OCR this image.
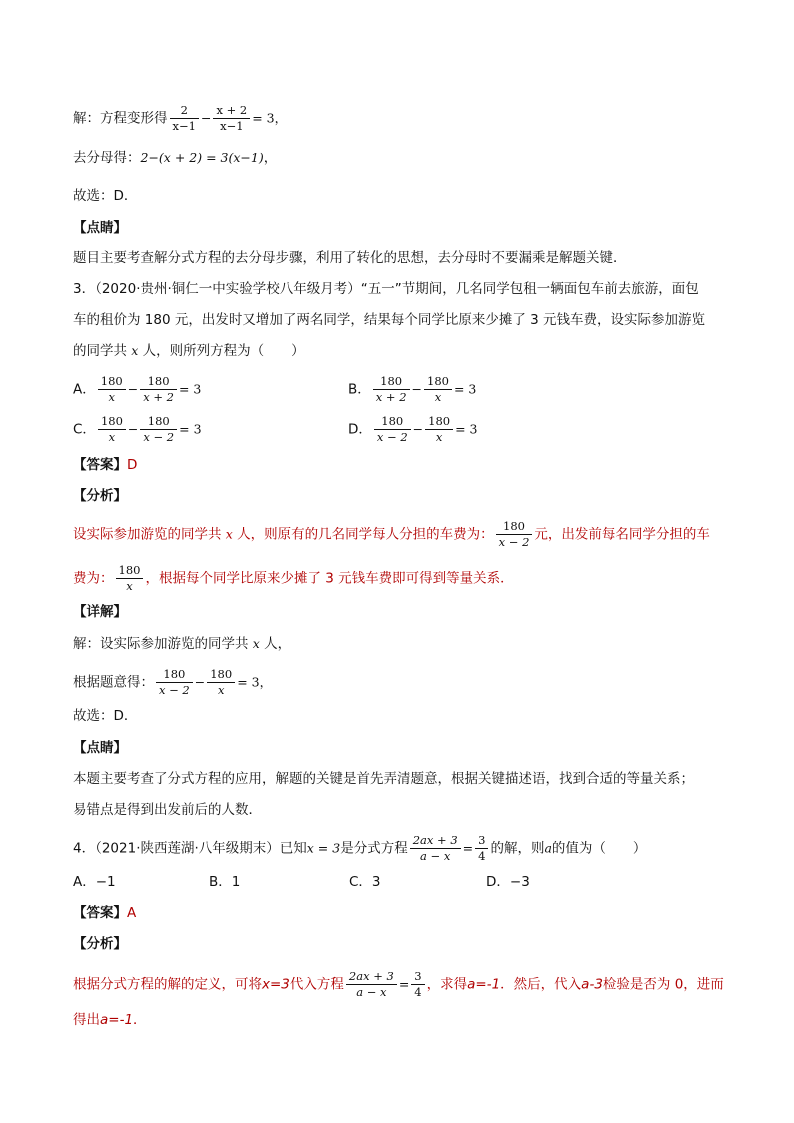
解：方程变形得 $\frac{2}{x-1} - \frac{x + 2}{x-1} = 3$，
去分母得：2−(x + 2) = 3(x−1)，
故选：D．
【点睛】
题目主要考查解分式方程的去分母步骤，利用了转化的思想，去分母时不要漏乘是解题关键．
3．（2020·贵州·铜仁一中实验学校八年级月考）“五一”节期间，几名同学包租一辆面包车前去旅游，面包
车的租价为 180 元，出发时又增加了两名同学，结果每个同学比原来少摊了 3 元钱车费，设实际参加游览
的同学共 x 人，则所列方程为（　　）
A． $\frac{180}{x} - \frac{180}{x + 2} = 3$	B． $\frac{180}{x + 2} - \frac{180}{x} = 3$
C． $\frac{180}{x} - \frac{180}{x - 2} = 3$	D． $\frac{180}{x - 2} - \frac{180}{x} = 3$
【答案】D
【分析】
设实际参加游览的同学共 x 人，则原有的几名同学每人分担的车费为： $\frac{180}{x - 2}$ 元，出发前每名同学分担的车
费为： $\frac{180}{x}$ ，根据每个同学比原来少摊了 3 元钱车费即可得到等量关系．
【详解】
解：设实际参加游览的同学共 x 人，
根据题意得： $\frac{180}{x - 2} - \frac{180}{x} = 3$，
故选：D．
【点睛】
本题主要考查了分式方程的应用，解题的关键是首先弄清题意，根据关键描述语，找到合适的等量关系；
易错点是得到出发前后的人数．
4．（2021·陕西莲湖·八年级期末）已知x = 3是分式方程 $\frac{2ax + 3}{a - x} = \frac{3}{4}$ 的解，则a的值为（　　）
A．−1	B．1	C．3	D．−3
【答案】A
【分析】
根据分式方程的解的定义，可将x=3代入方程 $\frac{2ax + 3}{a - x} = \frac{3}{4}$ ，求得a=-1．然后，代入a-3检验是否为 0，进而
得出a=-1．
